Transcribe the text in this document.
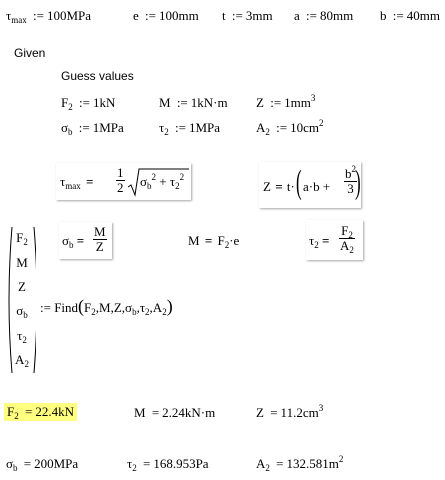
$\tau_{max}$ := 100MPa	e := 100mm t := 3mm a := 80mm b := 40mm
Given
Guess values
$F_2$ := 1kN	M := 1kN·m Z := $1mm^3$
$\sigma_b$ := 1MPa	$\tau_2$ := 1MPa	$A_2$ := $10cm^2$
$\tau_{max} = \frac{1}{2} \sigma_b^2 + \tau_2^2$
Z = t· ( $a\cdot b + \frac{b^2}{3}$
)
$\sigma_b = \frac{M}{Z}$	$M = F_2\cdot e$	$\tau_2 = \frac{F_2}{A_2}$
$F_2$
M
Z
$\sigma_b$
$\tau_2$
$A_2$
:= $Find(F_2,M,Z,\sigma_b,\tau_2,A_2)$
$F_2 = 22.4kN$	M = 2.24kN·m	$Z = 11.2cm^3$
$\sigma_b = 200MPa$	$\tau_2 = 168.953Pa$	$A_2 = 132.581m^2$
